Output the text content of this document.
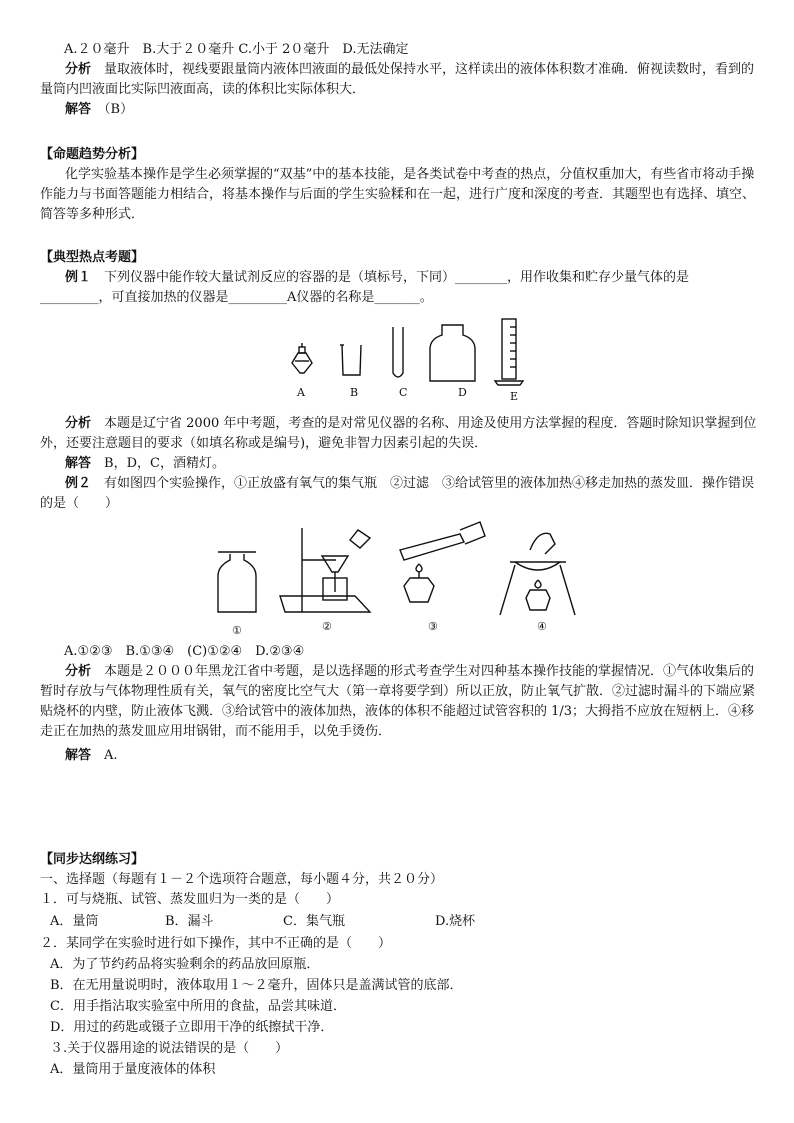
A.２０毫升　B.大于２０毫升 C.小于 2０毫升　D.无法确定
分析　 量取液体时，视线要跟量筒内液体凹液面的最低处保持水平，这样读出的液体体积数才准确．俯视读数时，看到的量筒内凹液面比实际凹液面高，读的体积比实际体积大．
解答　 （B）
【命题趋势分析】
化学实验基本操作是学生必须掌握的“双基”中的基本技能，是各类试卷中考查的热点，分值权重加大，有些省市将动手操作能力与书面答题能力相结合，将基本操作与后面的学生实验糅和在一起，进行广度和深度的考查．其题型也有选择、填空、简答等多种形式．
【典型热点考题】
例１　 下列仪器中能作较大量试剂反应的容器的是（填标号，下同）________，用作收集和贮存少量气体的是_________，可直接加热的仪器是_________A仪器的名称是_______。
A	B	C	D	E
分析　 本题是辽宁省 2000 年中考题，考查的是对常见仪器的名称、用途及使用方法掌握的程度．答题时除知识掌握到位外，还要注意题目的要求（如填名称或是编号)，避免非智力因素引起的失误．
解答　 B，D，C，酒精灯。
例２　 有如图四个实验操作，①正放盛有氧气的集气瓶　②过滤　③给试管里的液体加热④移走加热的蒸发皿．操作错误的是（　　）
①	②	③	④
A.①②③　B.①③④　(C)①②④　D.②③④
分析　 本题是２０００年黑龙江省中考题，是以选择题的形式考查学生对四种基本操作技能的掌握情况．①气体收集后的暂时存放与气体物理性质有关，氧气的密度比空气大（第一章将要学到）所以正放，防止氧气扩散．②过滤时漏斗的下端应紧贴烧杯的内壁，防止液体飞溅．③给试管中的液体加热，液体的体积不能超过试管容积的 1/3；大拇指不应放在短柄上．④移走正在加热的蒸发皿应用坩锅钳，而不能用手，以免手烫伤．
解答　 A.
【同步达纲练习】
一、选择题（每题有１－２个选项符合题意，每小题４分，共２０分）
１．可与烧瓶、试管、蒸发皿归为一类的是（　　）
A．量筒	B．漏斗	C．集气瓶	D.烧杯
２．某同学在实验时进行如下操作，其中不正确的是（　　）
A．为了节约药品将实验剩余的药品放回原瓶．
B．在无用量说明时，液体取用１～２毫升，固体只是盖满试管的底部．
C．用手指沾取实验室中所用的食盐，品尝其味道．
D．用过的药匙或镊子立即用干净的纸擦拭干净．
３.关于仪器用途的说法错误的是（　　）
A．量筒用于量度液体的体积
